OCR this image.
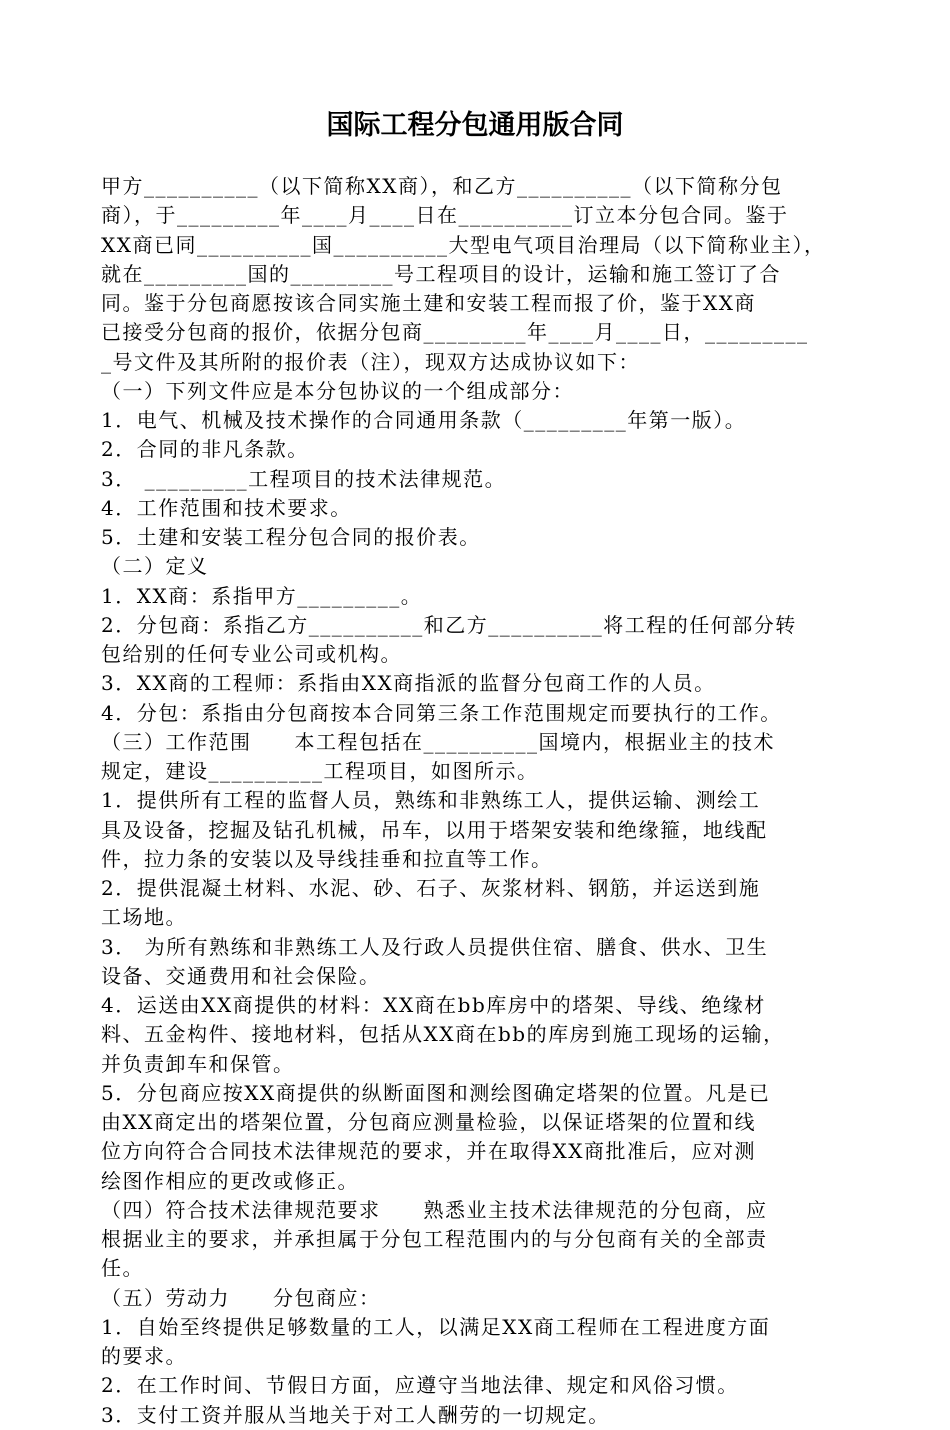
国际工程分包通用版合同
甲方__________（以下简称XX商），和乙方__________（以下简称分包
商），于_________年____月____日在__________订立本分包合同。鉴于
XX商已同__________国__________大型电气项目治理局（以下简称业主），
就在_________国的_________号工程项目的设计，运输和施工签订了合
同。鉴于分包商愿按该合同实施土建和安装工程而报了价，鉴于XX商
已接受分包商的报价，依据分包商_________年____月____日，_________
_号文件及其所附的报价表（注），现双方达成协议如下：
（一）下列文件应是本分包协议的一个组成部分：
1．电气、机械及技术操作的合同通用条款（_________年第一版）。
2．合同的非凡条款。
3． _________工程项目的技术法律规范。
4．工作范围和技术要求。
5．土建和安装工程分包合同的报价表。
（二）定义
1．XX商：系指甲方_________。
2．分包商：系指乙方__________和乙方__________将工程的任何部分转
包给别的任何专业公司或机构。
3．XX商的工程师：系指由XX商指派的监督分包商工作的人员。
4．分包：系指由分包商按本合同第三条工作范围规定而要执行的工作。
（三）工作范围　　本工程包括在__________国境内，根据业主的技术
规定，建设__________工程项目，如图所示。
1．提供所有工程的监督人员，熟练和非熟练工人，提供运输、测绘工
具及设备，挖掘及钻孔机械，吊车，以用于塔架安装和绝缘箍，地线配
件，拉力条的安装以及导线挂垂和拉直等工作。
2．提供混凝土材料、水泥、砂、石子、灰浆材料、钢筋，并运送到施
工场地。
3． 为所有熟练和非熟练工人及行政人员提供住宿、膳食、供水、卫生
设备、交通费用和社会保险。
4．运送由XX商提供的材料：XX商在bb库房中的塔架、导线、绝缘材
料、五金构件、接地材料，包括从XX商在bb的库房到施工现场的运输，
并负责卸车和保管。
5．分包商应按XX商提供的纵断面图和测绘图确定塔架的位置。凡是已
由XX商定出的塔架位置，分包商应测量检验，以保证塔架的位置和线
位方向符合合同技术法律规范的要求，并在取得XX商批准后，应对测
绘图作相应的更改或修正。
（四）符合技术法律规范要求　　熟悉业主技术法律规范的分包商，应
根据业主的要求，并承担属于分包工程范围内的与分包商有关的全部责
任。
（五）劳动力　　分包商应：
1．自始至终提供足够数量的工人，以满足XX商工程师在工程进度方面
的要求。
2．在工作时间、节假日方面，应遵守当地法律、规定和风俗习惯。
3．支付工资并服从当地关于对工人酬劳的一切规定。
